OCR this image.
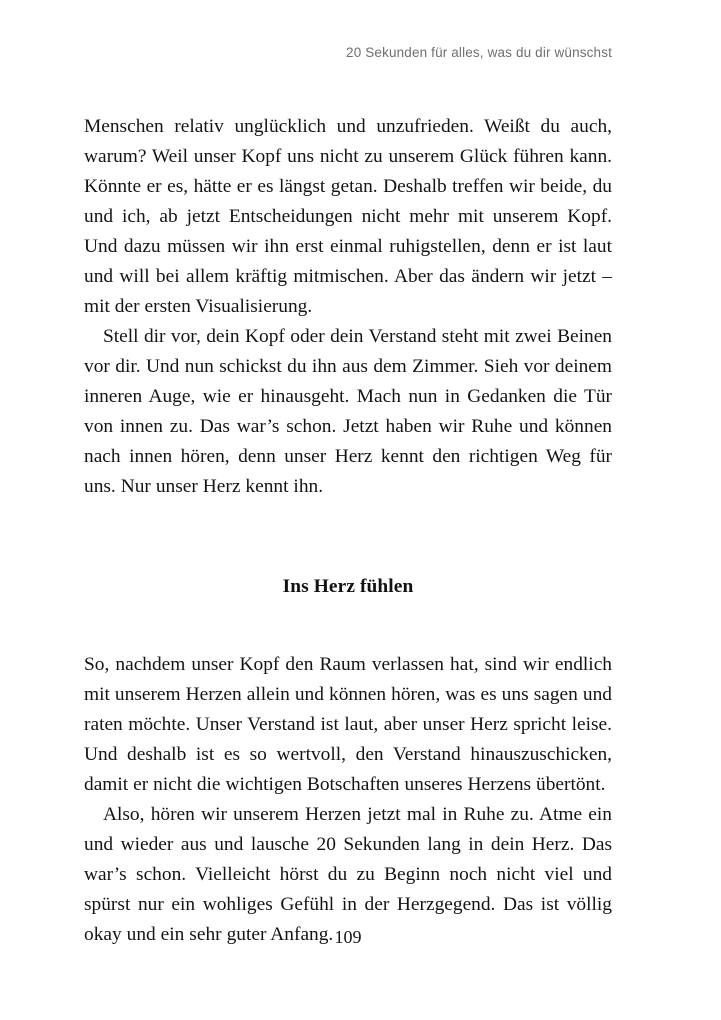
20 Sekunden für alles, was du dir wünschst

Menschen relativ unglücklich und unzufrieden. Weißt du auch, warum? Weil unser Kopf uns nicht zu unserem Glück führen kann. Könnte er es, hätte er es längst getan. Deshalb treffen wir beide, du und ich, ab jetzt Entscheidungen nicht mehr mit unserem Kopf. Und dazu müssen wir ihn erst einmal ruhigstellen, denn er ist laut und will bei allem kräftig mitmischen. Aber das ändern wir jetzt – mit der ersten Visualisierung.

Stell dir vor, dein Kopf oder dein Verstand steht mit zwei Beinen vor dir. Und nun schickst du ihn aus dem Zimmer. Sieh vor deinem inneren Auge, wie er hinausgeht. Mach nun in Gedanken die Tür von innen zu. Das war’s schon. Jetzt haben wir Ruhe und können nach innen hören, denn unser Herz kennt den richtigen Weg für uns. Nur unser Herz kennt ihn.

Ins Herz fühlen

So, nachdem unser Kopf den Raum verlassen hat, sind wir endlich mit unserem Herzen allein und können hören, was es uns sagen und raten möchte. Unser Verstand ist laut, aber unser Herz spricht leise. Und deshalb ist es so wertvoll, den Verstand hinauszuschicken, damit er nicht die wichtigen Botschaften unseres Herzens übertönt.

Also, hören wir unserem Herzen jetzt mal in Ruhe zu. Atme ein und wieder aus und lausche 20 Sekunden lang in dein Herz. Das war’s schon. Vielleicht hörst du zu Beginn noch nicht viel und spürst nur ein wohliges Gefühl in der Herzgegend. Das ist völlig okay und ein sehr guter Anfang. 109
